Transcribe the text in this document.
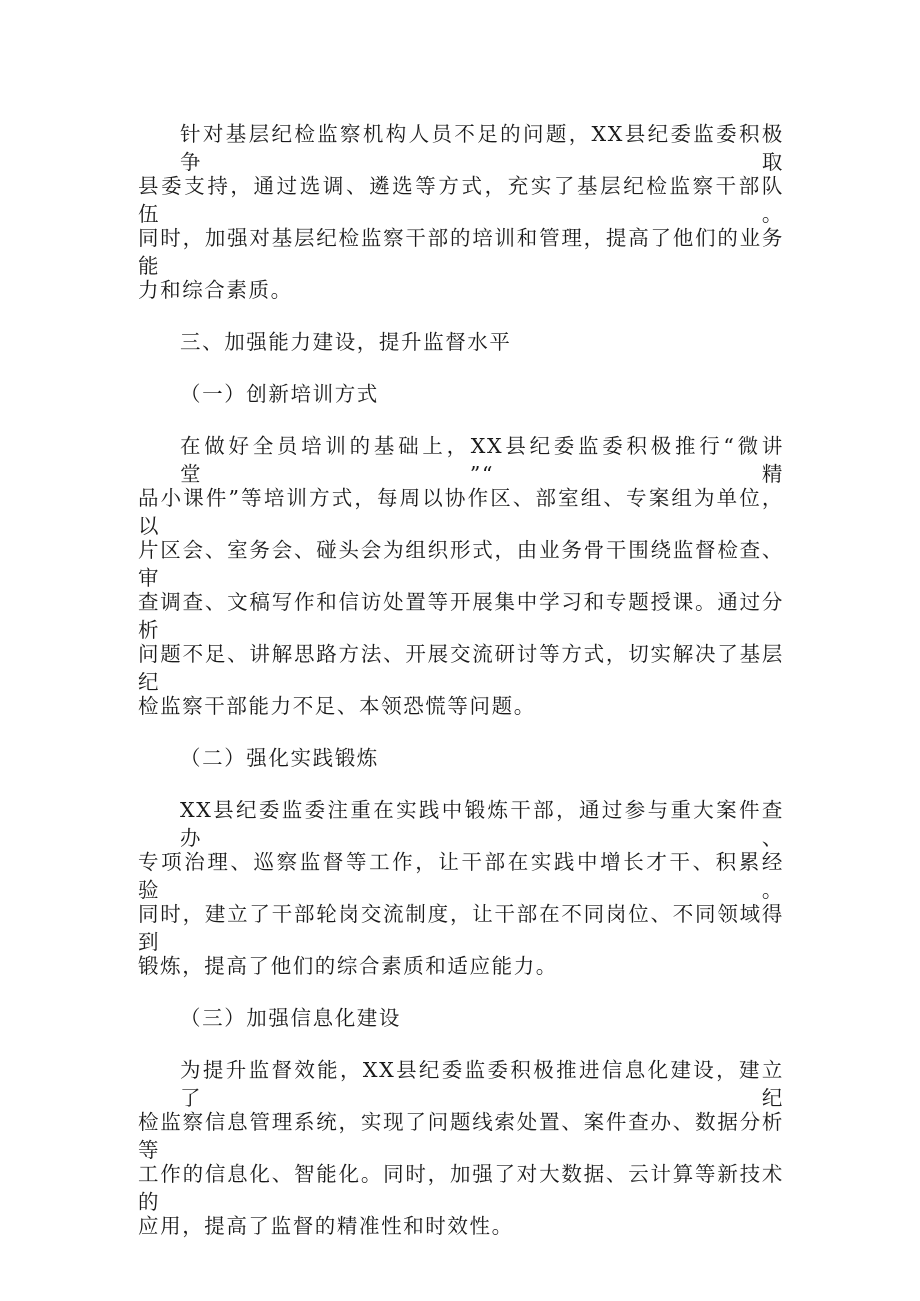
针对基层纪检监察机构人员不足的问题，XX县纪委监委积极争取

县委支持，通过选调、遴选等方式，充实了基层纪检监察干部队伍。

同时，加强对基层纪检监察干部的培训和管理，提高了他们的业务能

力和综合素质。

三、加强能力建设，提升监督水平

（一）创新培训方式

在做好全员培训的基础上，XX县纪委监委积极推行“微讲堂”“精

品小课件”等培训方式，每周以协作区、部室组、专案组为单位，以

片区会、室务会、碰头会为组织形式，由业务骨干围绕监督检查、审

查调查、文稿写作和信访处置等开展集中学习和专题授课。通过分析

问题不足、讲解思路方法、开展交流研讨等方式，切实解决了基层纪

检监察干部能力不足、本领恐慌等问题。

（二）强化实践锻炼

XX县纪委监委注重在实践中锻炼干部，通过参与重大案件查办、

专项治理、巡察监督等工作，让干部在实践中增长才干、积累经验。

同时，建立了干部轮岗交流制度，让干部在不同岗位、不同领域得到

锻炼，提高了他们的综合素质和适应能力。

（三）加强信息化建设

为提升监督效能，XX县纪委监委积极推进信息化建设，建立了纪

检监察信息管理系统，实现了问题线索处置、案件查办、数据分析等

工作的信息化、智能化。同时，加强了对大数据、云计算等新技术的

应用，提高了监督的精准性和时效性。
